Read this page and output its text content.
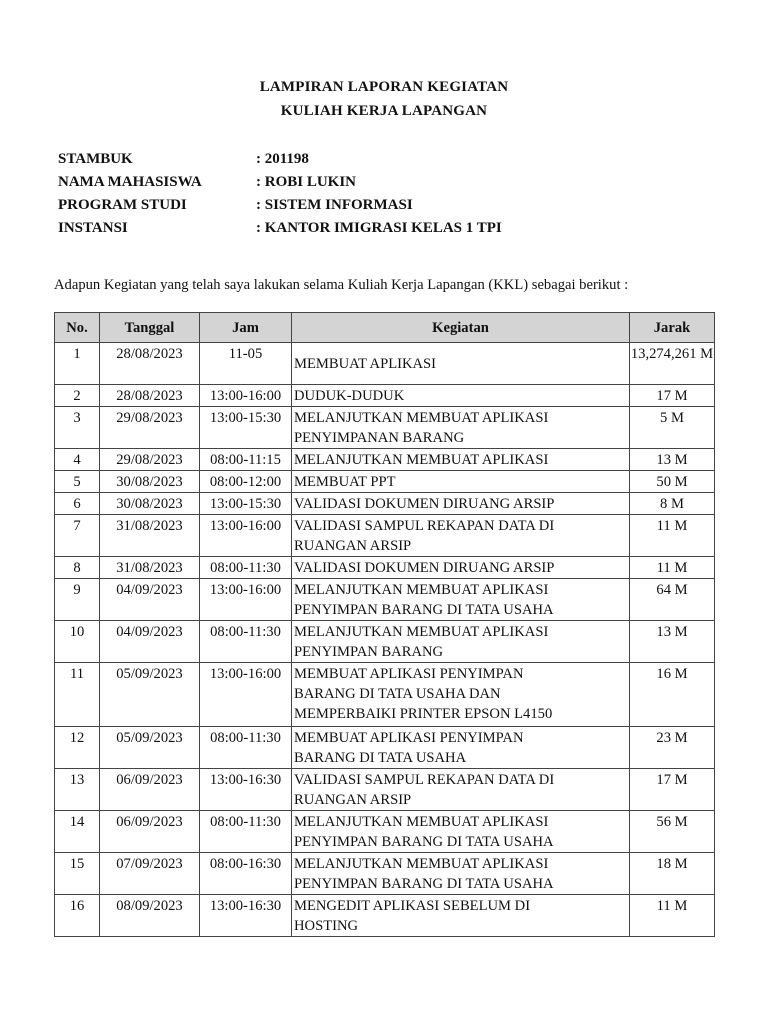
LAMPIRAN LAPORAN KEGIATAN
KULIAH KERJA LAPANGAN
STAMBUK	: 201198
NAMA MAHASISWA	: ROBI LUKIN
PROGRAM STUDI	: SISTEM INFORMASI
INSTANSI	: KANTOR IMIGRASI KELAS 1 TPI
Adapun Kegiatan yang telah saya lakukan selama Kuliah Kerja Lapangan (KKL) sebagai berikut :
No.	Tanggal	Jam	Kegiatan	Jarak
1	28/08/2023	11-05	MEMBUAT APLIKASI	13,274,261 M
2	28/08/2023	13:00-16:00	DUDUK-DUDUK	17 M
3	29/08/2023	13:00-15:30	MELANJUTKAN MEMBUAT APLIKASI
PENYIMPANAN BARANG	5 M
4	29/08/2023	08:00-11:15	MELANJUTKAN MEMBUAT APLIKASI	13 M
5	30/08/2023	08:00-12:00	MEMBUAT PPT	50 M
6	30/08/2023	13:00-15:30	VALIDASI DOKUMEN DIRUANG ARSIP	8 M
7	31/08/2023	13:00-16:00	VALIDASI SAMPUL REKAPAN DATA DI
RUANGAN ARSIP	11 M
8	31/08/2023	08:00-11:30	VALIDASI DOKUMEN DIRUANG ARSIP	11 M
9	04/09/2023	13:00-16:00	MELANJUTKAN MEMBUAT APLIKASI
PENYIMPAN BARANG DI TATA USAHA	64 M
10	04/09/2023	08:00-11:30	MELANJUTKAN MEMBUAT APLIKASI
PENYIMPAN BARANG	13 M
11	05/09/2023	13:00-16:00	MEMBUAT APLIKASI PENYIMPAN
BARANG DI TATA USAHA DAN
MEMPERBAIKI PRINTER EPSON L4150	16 M
12	05/09/2023	08:00-11:30	MEMBUAT APLIKASI PENYIMPAN
BARANG DI TATA USAHA	23 M
13	06/09/2023	13:00-16:30	VALIDASI SAMPUL REKAPAN DATA DI
RUANGAN ARSIP	17 M
14	06/09/2023	08:00-11:30	MELANJUTKAN MEMBUAT APLIKASI
PENYIMPAN BARANG DI TATA USAHA	56 M
15	07/09/2023	08:00-16:30	MELANJUTKAN MEMBUAT APLIKASI
PENYIMPAN BARANG DI TATA USAHA	18 M
16	08/09/2023	13:00-16:30	MENGEDIT APLIKASI SEBELUM DI
HOSTING	11 M
